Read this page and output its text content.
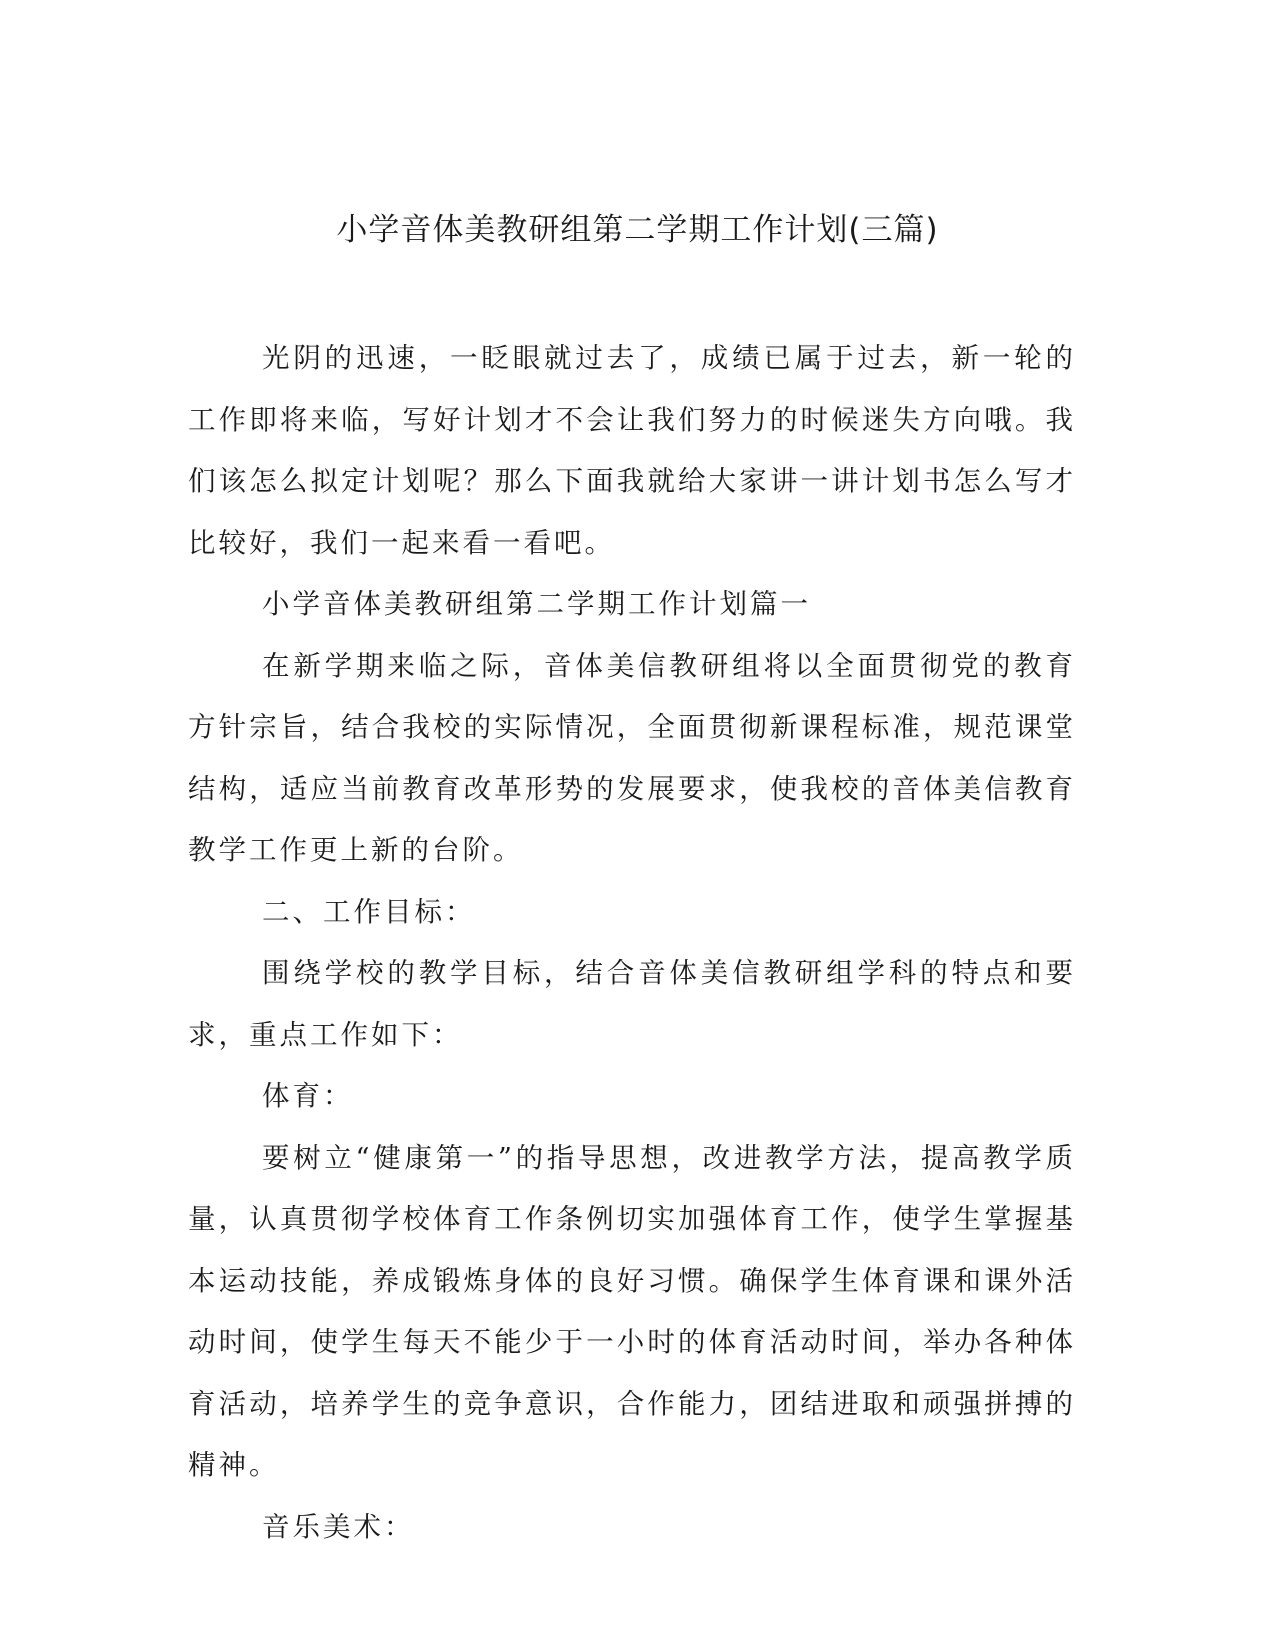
小学音体美教研组第二学期工作计划(三篇)

光阴的迅速，一眨眼就过去了，成绩已属于过去，新一轮的工作即将来临，写好计划才不会让我们努力的时候迷失方向哦。我们该怎么拟定计划呢？那么下面我就给大家讲一讲计划书怎么写才比较好，我们一起来看一看吧。

小学音体美教研组第二学期工作计划篇一

在新学期来临之际，音体美信教研组将以全面贯彻党的教育方针宗旨，结合我校的实际情况，全面贯彻新课程标准，规范课堂结构，适应当前教育改革形势的发展要求，使我校的音体美信教育教学工作更上新的台阶。

二、工作目标：

围绕学校的教学目标，结合音体美信教研组学科的特点和要求，重点工作如下：

体育：

要树立“健康第一”的指导思想，改进教学方法，提高教学质量，认真贯彻学校体育工作条例切实加强体育工作，使学生掌握基本运动技能，养成锻炼身体的良好习惯。确保学生体育课和课外活动时间，使学生每天不能少于一小时的体育活动时间，举办各种体育活动，培养学生的竞争意识，合作能力，团结进取和顽强拼搏的精神。

音乐美术：
